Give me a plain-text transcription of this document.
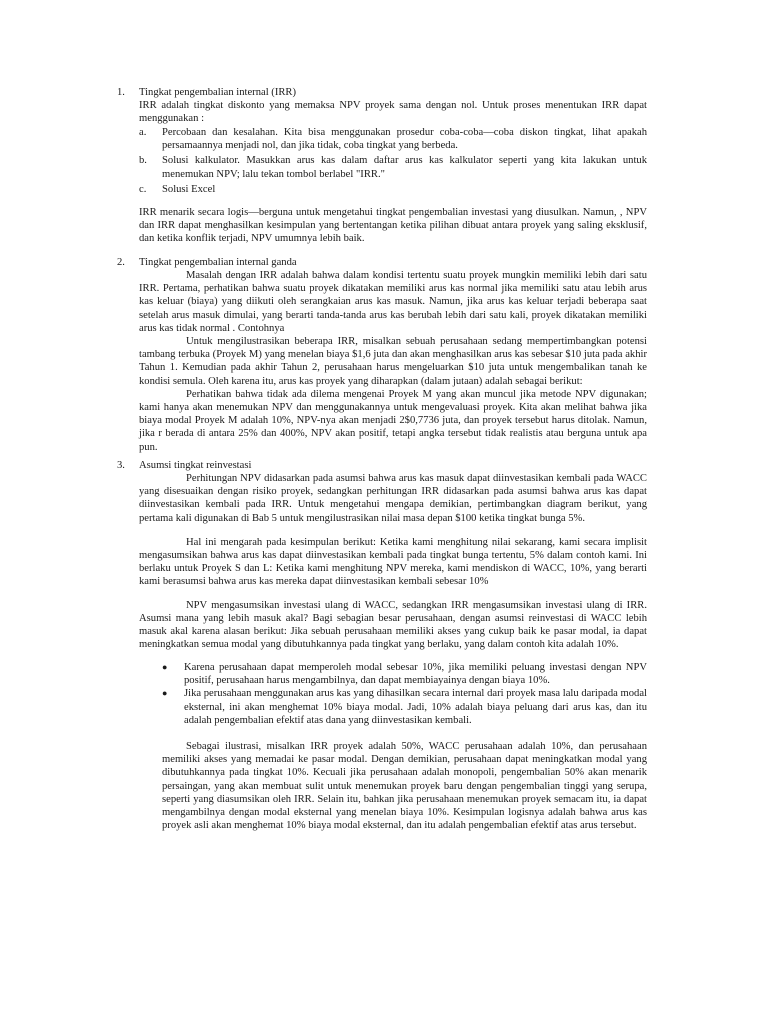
1. Tingkat pengembalian internal (IRR)

IRR adalah tingkat diskonto yang memaksa NPV proyek sama dengan nol. Untuk proses menentukan IRR dapat menggunakan :

a. Percobaan dan kesalahan. Kita bisa menggunakan prosedur coba-coba—coba diskon tingkat, lihat apakah persamaannya menjadi nol, dan jika tidak, coba tingkat yang berbeda.
b. Solusi kalkulator. Masukkan arus kas dalam daftar arus kas kalkulator seperti yang kita lakukan untuk menemukan NPV; lalu tekan tombol berlabel "IRR."
c. Solusi Excel

IRR menarik secara logis—berguna untuk mengetahui tingkat pengembalian investasi yang diusulkan. Namun, , NPV dan IRR dapat menghasilkan kesimpulan yang bertentangan ketika pilihan dibuat antara proyek yang saling eksklusif, dan ketika konflik terjadi, NPV umumnya lebih baik.

2. Tingkat pengembalian internal ganda

Masalah dengan IRR adalah bahwa dalam kondisi tertentu suatu proyek mungkin memiliki lebih dari satu IRR. Pertama, perhatikan bahwa suatu proyek dikatakan memiliki arus kas normal jika memiliki satu atau lebih arus kas keluar (biaya) yang diikuti oleh serangkaian arus kas masuk. Namun, jika arus kas keluar terjadi beberapa saat setelah arus masuk dimulai, yang berarti tanda-tanda arus kas berubah lebih dari satu kali, proyek dikatakan memiliki arus kas tidak normal . Contohnya

Untuk mengilustrasikan beberapa IRR, misalkan sebuah perusahaan sedang mempertimbangkan potensi tambang terbuka (Proyek M) yang menelan biaya $1,6 juta dan akan menghasilkan arus kas sebesar $10 juta pada akhir Tahun 1. Kemudian pada akhir Tahun 2, perusahaan harus mengeluarkan $10 juta untuk mengembalikan tanah ke kondisi semula. Oleh karena itu, arus kas proyek yang diharapkan (dalam jutaan) adalah sebagai berikut:

Perhatikan bahwa tidak ada dilema mengenai Proyek M yang akan muncul jika metode NPV digunakan; kami hanya akan menemukan NPV dan menggunakannya untuk mengevaluasi proyek. Kita akan melihat bahwa jika biaya modal Proyek M adalah 10%, NPV-nya akan menjadi 2$0,7736 juta, dan proyek tersebut harus ditolak. Namun, jika r berada di antara 25% dan 400%, NPV akan positif, tetapi angka tersebut tidak realistis atau berguna untuk apa pun.

3. Asumsi tingkat reinvestasi

Perhitungan NPV didasarkan pada asumsi bahwa arus kas masuk dapat diinvestasikan kembali pada WACC yang disesuaikan dengan risiko proyek, sedangkan perhitungan IRR didasarkan pada asumsi bahwa arus kas dapat diinvestasikan kembali pada IRR. Untuk mengetahui mengapa demikian, pertimbangkan diagram berikut, yang pertama kali digunakan di Bab 5 untuk mengilustrasikan nilai masa depan $100 ketika tingkat bunga 5%.

Hal ini mengarah pada kesimpulan berikut: Ketika kami menghitung nilai sekarang, kami secara implisit mengasumsikan bahwa arus kas dapat diinvestasikan kembali pada tingkat bunga tertentu, 5% dalam contoh kami. Ini berlaku untuk Proyek S dan L: Ketika kami menghitung NPV mereka, kami mendiskon di WACC, 10%, yang berarti kami berasumsi bahwa arus kas mereka dapat diinvestasikan kembali sebesar 10%

NPV mengasumsikan investasi ulang di WACC, sedangkan IRR mengasumsikan investasi ulang di IRR. Asumsi mana yang lebih masuk akal? Bagi sebagian besar perusahaan, dengan asumsi reinvestasi di WACC lebih masuk akal karena alasan berikut: Jika sebuah perusahaan memiliki akses yang cukup baik ke pasar modal, ia dapat meningkatkan semua modal yang dibutuhkannya pada tingkat yang berlaku, yang dalam contoh kita adalah 10%.

● Karena perusahaan dapat memperoleh modal sebesar 10%, jika memiliki peluang investasi dengan NPV positif, perusahaan harus mengambilnya, dan dapat membiayainya dengan biaya 10%.
● Jika perusahaan menggunakan arus kas yang dihasilkan secara internal dari proyek masa lalu daripada modal eksternal, ini akan menghemat 10% biaya modal. Jadi, 10% adalah biaya peluang dari arus kas, dan itu adalah pengembalian efektif atas dana yang diinvestasikan kembali.

Sebagai ilustrasi, misalkan IRR proyek adalah 50%, WACC perusahaan adalah 10%, dan perusahaan memiliki akses yang memadai ke pasar modal. Dengan demikian, perusahaan dapat meningkatkan modal yang dibutuhkannya pada tingkat 10%. Kecuali jika perusahaan adalah monopoli, pengembalian 50% akan menarik persaingan, yang akan membuat sulit untuk menemukan proyek baru dengan pengembalian tinggi yang serupa, seperti yang diasumsikan oleh IRR. Selain itu, bahkan jika perusahaan menemukan proyek semacam itu, ia dapat mengambilnya dengan modal eksternal yang menelan biaya 10%. Kesimpulan logisnya adalah bahwa arus kas proyek asli akan menghemat 10% biaya modal eksternal, dan itu adalah pengembalian efektif atas arus tersebut.
